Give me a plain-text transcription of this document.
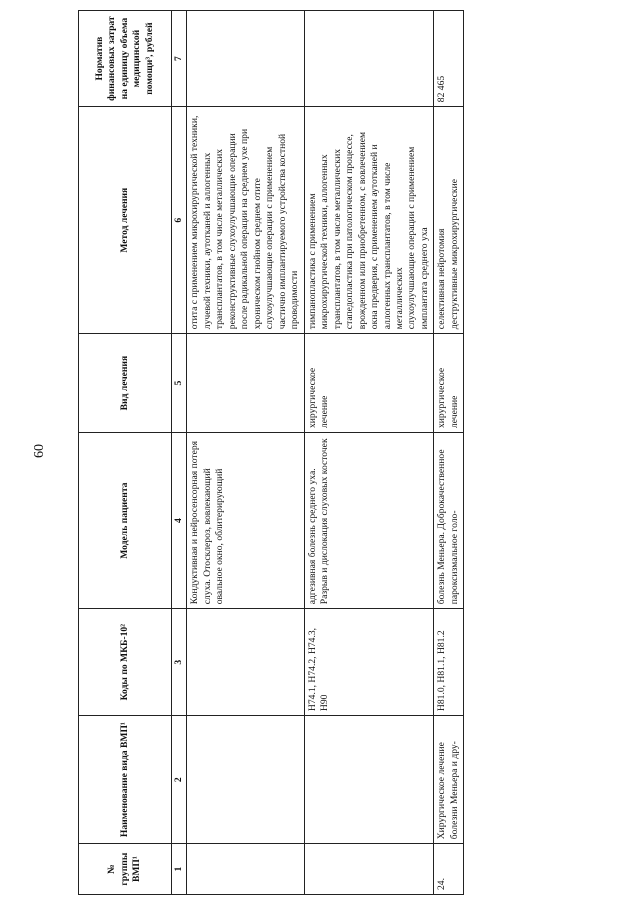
60
№ группы ВМП¹	Наименование вида ВМП¹	Коды по МКБ-10²	Модель пациента	Вид лечения	Метод лечения	Норматив финансовых затрат на единицу объема медицинской помощи³, рублей
1	2	3	4	5	6	7
			Кондуктивная и нейросенсорная потеря слуха. Отосклероз, вовлекающий овальное окно, облитерирующий		отита с применением микрохирургической техники, лучевой техники, аутотканей и аллогенных трансплантатов, в том числе металлических
реконструктивные слухоулучшающие операции после радикальной операции на среднем ухе при хроническом гнойном среднем отите
слухоулучшающие операции с применением частично имплантируемого устройства костной проводимости	
		H74.1, H74.2, H74.3, H90	адгезивная болезнь среднего уха. Разрыв и дислокация слуховых косточек	хирургическое лечение	тимпанопластика с применением микрохирургической техники, аллогенных трансплантатов, в том числе металлических
стапедопластика при патологическом процессе, врожденном или приобретенном, с вовлечением окна предверия, с применением аутотканей и аллогенных трансплантатов, в том числе металлических
слухоулучшающие операции с применением имплантата среднего уха	
24.	Хирургическое лечение болезни Меньера и дру-	H81.0, H81.1, H81.2	болезнь Меньера. Доброкачественное пароксизмальное голо-	хирургическое лечение	селективная нейротомия
деструктивные микрохирургические	82 465
